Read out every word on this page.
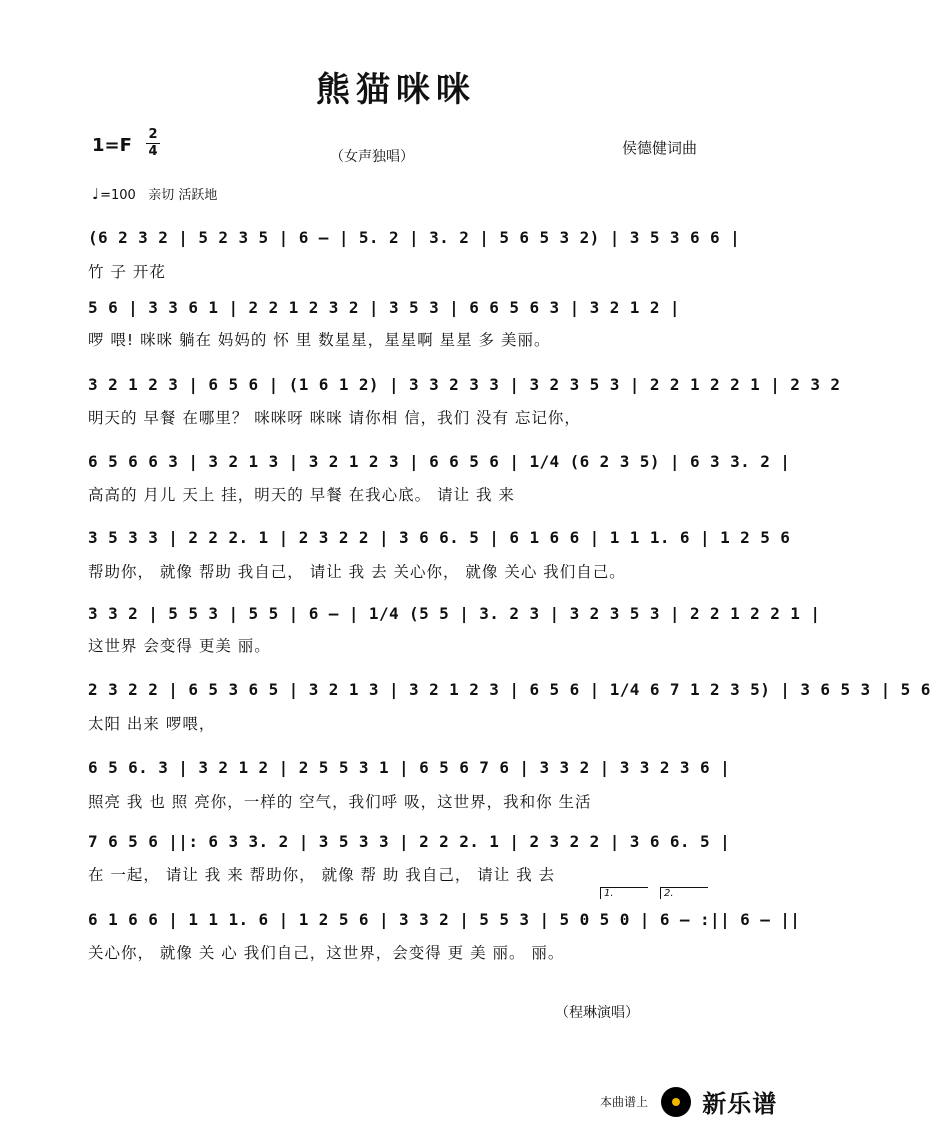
熊猫咪咪
1=F
2
4	（女声独唱）	侯德健词曲
♩=100 亲切 活跃地
(6 2 3 2 | 5 2 3 5 | 6 – | 5. 2 | 3. 2 | 5 6 5 3 2) | 3 5 3 6 6 |
竹 子 开花
5 6 | 3 3 6 1 | 2 2 1 2 3 2 | 3 5 3 | 6 6 5 6 3 | 3 2 1 2 |
啰 喂! 咪咪 躺在 妈妈的 怀 里 数星星，星星啊 星星 多 美丽。
3 2 1 2 3 | 6 5 6 | (1 6 1 2) | 3 3 2 3 3 | 3 2 3 5 3 | 2 2 1 2 2 1 | 2 3 2
明天的 早餐 在哪里？ 咪咪呀 咪咪 请你相 信，我们 没有 忘记你，
6 5 6 6 3 | 3 2 1 3 | 3 2 1 2 3 | 6 6 5 6 | 1/4 (6 2 3 5) | 6 3 3. 2 |
高高的 月儿 天上 挂，明天的 早餐 在我心底。 请让 我 来
3 5 3 3 | 2 2 2. 1 | 2 3 2 2 | 3 6 6. 5 | 6 1 6 6 | 1 1 1. 6 | 1 2 5 6
帮助你， 就像 帮助 我自己， 请让 我 去 关心你， 就像 关心 我们自己。
3 3 2 | 5 5 3 | 5 5 | 6 – | 1/4 (5 5 | 3. 2 3 | 3 2 3 5 3 | 2 2 1 2 2 1 |
这世界 会变得 更美 丽。
2 3 2 2 | 6 5 3 6 5 | 3 2 1 3 | 3 2 1 2 3 | 6 5 6 | 1/4 6 7 1 2 3 5) | 3 6 5 3 | 5 6
太阳 出来 啰喂，
6 5 6. 3 | 3 2 1 2 | 2 5 5 3 1 | 6 5 6 7 6 | 3 3 2 | 3 3 2 3 6 |
照亮 我 也 照 亮你，一样的 空气，我们呼 吸，这世界，我和你 生活
7 6 5 6 ||: 6 3 3. 2 | 3 5 3 3 | 2 2 2. 1 | 2 3 2 2 | 3 6 6. 5 |
在 一起， 请让 我 来 帮助你， 就像 帮 助 我自己， 请让 我 去
1.	2.
6 1 6 6 | 1 1 1. 6 | 1 2 5 6 | 3 3 2 | 5 5 3 | 5 0 5 0 | 6 – :|| 6 – ||
关心你， 就像 关 心 我们自己，这世界，会变得 更 美 丽。 丽。
（程琳演唱）
本曲谱上 新乐谱
